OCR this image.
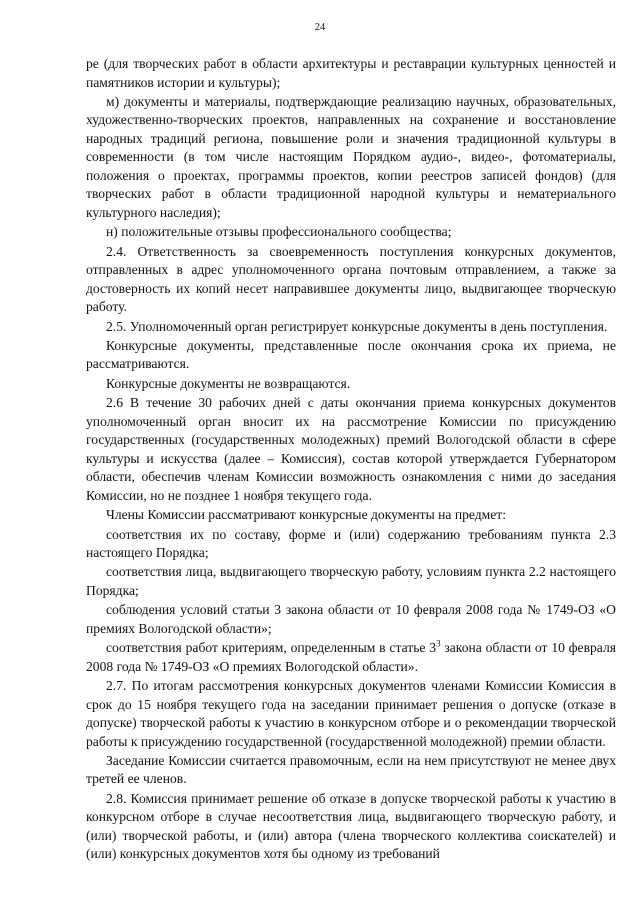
24

ре (для творческих работ в области архитектуры и реставрации культурных ценностей и памятников истории и культуры);

м) документы и материалы, подтверждающие реализацию научных, образовательных, художественно-творческих проектов, направленных на сохранение и восстановление народных традиций региона, повышение роли и значения традиционной культуры в современности (в том числе настоящим Порядком аудио-, видео-, фотоматериалы, положения о проектах, программы проектов, копии реестров записей фондов) (для творческих работ в области традиционной народной культуры и нематериального культурного наследия);

н) положительные отзывы профессионального сообщества;

2.4. Ответственность за своевременность поступления конкурсных документов, отправленных в адрес уполномоченного органа почтовым отправлением, а также за достоверность их копий несет направившее документы лицо, выдвигающее творческую работу.

2.5. Уполномоченный орган регистрирует конкурсные документы в день поступления.

Конкурсные документы, представленные после окончания срока их приема, не рассматриваются.

Конкурсные документы не возвращаются.

2.6 В течение 30 рабочих дней с даты окончания приема конкурсных документов уполномоченный орган вносит их на рассмотрение Комиссии по присуждению государственных (государственных молодежных) премий Вологодской области в сфере культуры и искусства (далее – Комиссия), состав которой утверждается Губернатором области, обеспечив членам Комиссии возможность ознакомления с ними до заседания Комиссии, но не позднее 1 ноября текущего года.

Члены Комиссии рассматривают конкурсные документы на предмет:

соответствия их по составу, форме и (или) содержанию требованиям пункта 2.3 настоящего Порядка;

соответствия лица, выдвигающего творческую работу, условиям пункта 2.2 настоящего Порядка;

соблюдения условий статьи 3 закона области от 10 февраля 2008 года № 1749-ОЗ «О премиях Вологодской области»;

соответствия работ критериям, определенным в статье $3^3$ закона области от 10 февраля 2008 года № 1749-ОЗ «О премиях Вологодской области».

2.7. По итогам рассмотрения конкурсных документов членами Комиссии Комиссия в срок до 15 ноября текущего года на заседании принимает решения о допуске (отказе в допуске) творческой работы к участию в конкурсном отборе и о рекомендации творческой работы к присуждению государственной (государственной молодежной) премии области.

Заседание Комиссии считается правомочным, если на нем присутствуют не менее двух третей ее членов.

2.8. Комиссия принимает решение об отказе в допуске творческой работы к участию в конкурсном отборе в случае несоответствия лица, выдвигающего творческую работу, и (или) творческой работы, и (или) автора (члена творческого коллектива соискателей) и (или) конкурсных документов хотя бы одному из требований
